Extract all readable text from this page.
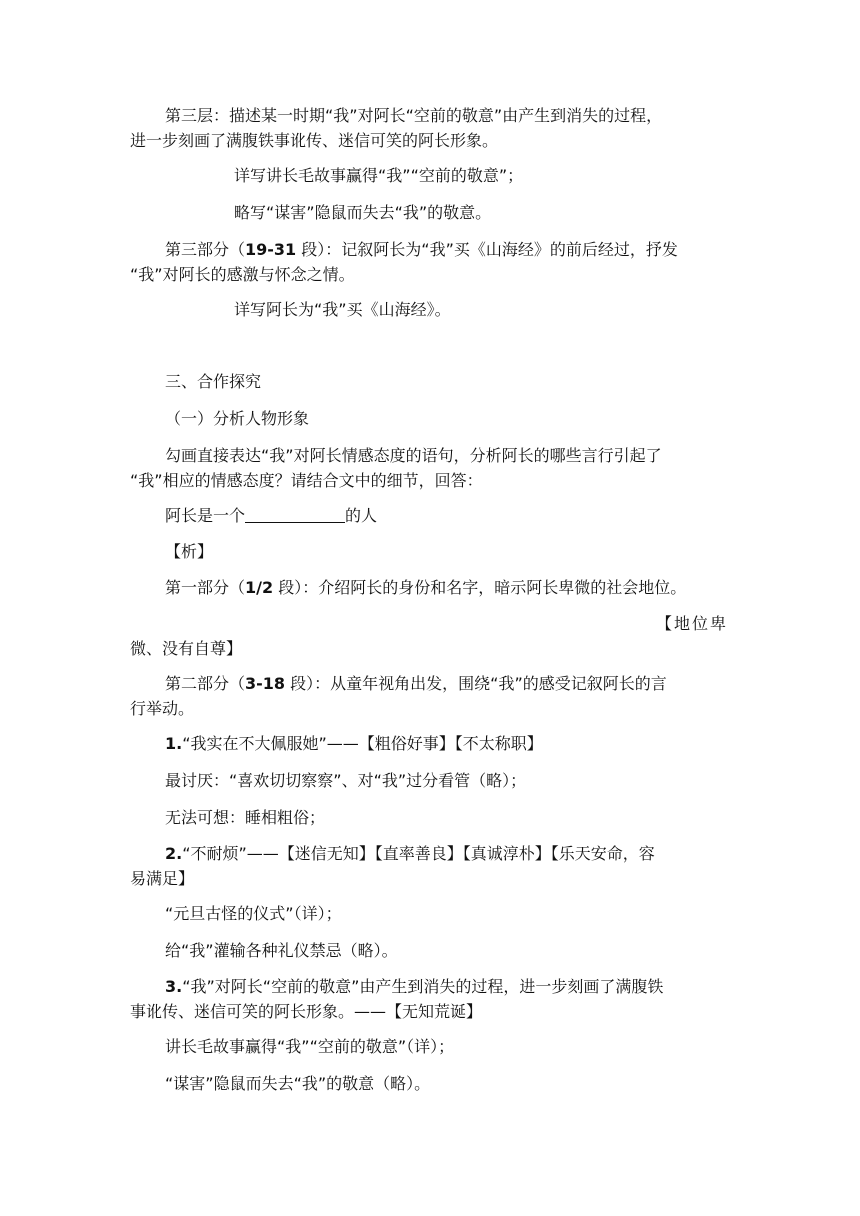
第三层：描述某一时期“我”对阿长“空前的敬意”由产生到消失的过程，

进一步刻画了满腹铁事讹传、迷信可笑的阿长形象。

详写讲长毛故事赢得“我”“空前的敬意”；

略写“谋害”隐鼠而失去“我”的敬意。

第三部分（19-31 段）：记叙阿长为“我”买《山海经》的前后经过，抒发

“我”对阿长的感激与怀念之情。

详写阿长为“我”买《山海经》。

三、合作探究

（一）分析人物形象

勾画直接表达“我”对阿长情感态度的语句，分析阿长的哪些言行引起了

“我”相应的情感态度？请结合文中的细节，回答：

阿长是一个	的人

【析】

第一部分（1/2 段）：介绍阿长的身份和名字，暗示阿长卑微的社会地位。

【地位卑

微、没有自尊】

第二部分（3-18 段）：从童年视角出发，围绕“我”的感受记叙阿长的言

行举动。

1.“我实在不大佩服她”——【粗俗好事】【不太称职】

最讨厌：“喜欢切切察察”、对“我”过分看管（略）；

无法可想：睡相粗俗；

2.“不耐烦”——【迷信无知】【直率善良】【真诚淳朴】【乐天安命，容

易满足】

“元旦古怪的仪式”（详）；

给“我”灌输各种礼仪禁忌（略）。

3.“我”对阿长“空前的敬意”由产生到消失的过程，进一步刻画了满腹铁

事讹传、迷信可笑的阿长形象。——【无知荒诞】

讲长毛故事赢得“我”“空前的敬意”（详）；

“谋害”隐鼠而失去“我”的敬意（略）。
